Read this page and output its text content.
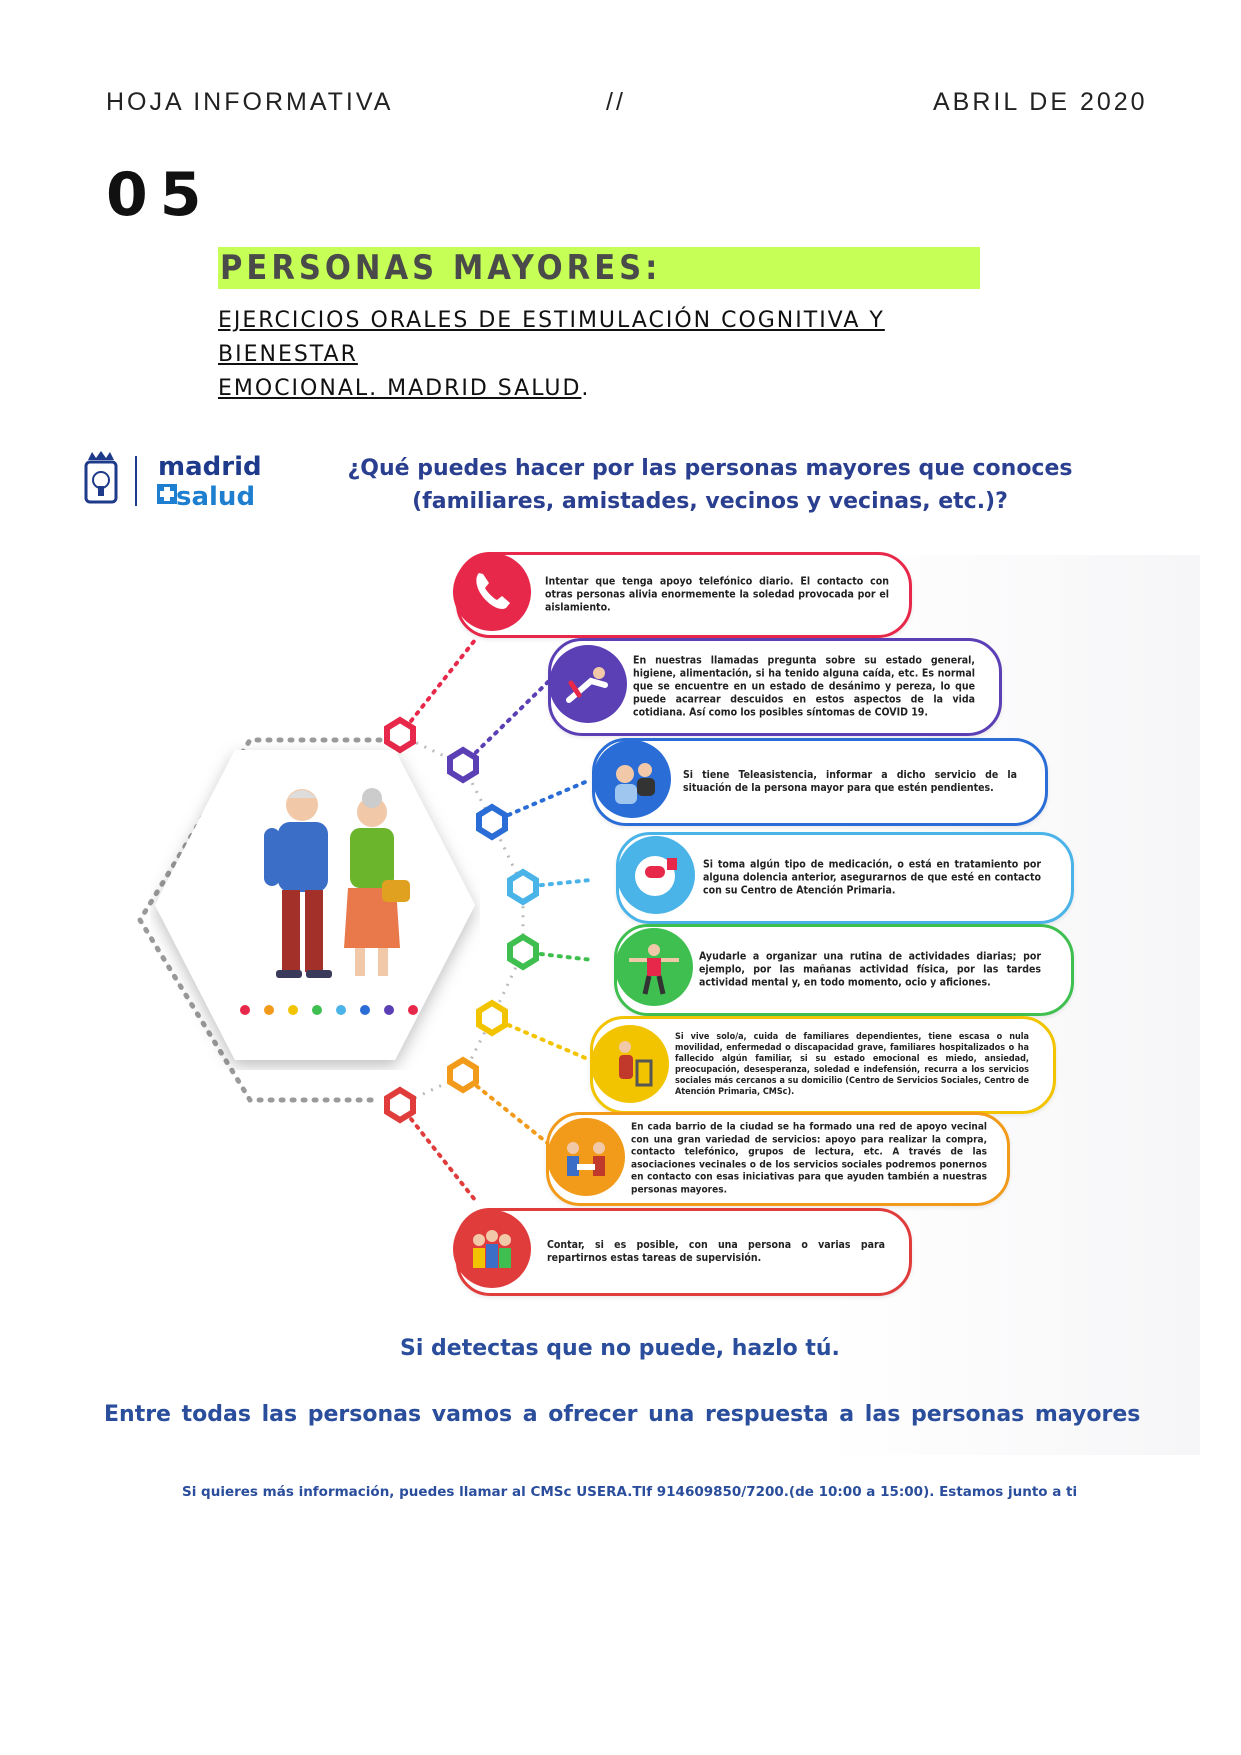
HOJA INFORMATIVA	//	ABRIL DE 2020
05
PERSONAS MAYORES:
EJERCICIOS ORALES DE ESTIMULACIÓN COGNITIVA Y BIENESTAR
EMOCIONAL. MADRID SALUD.
madrid
salud
¿Qué puedes hacer por las personas mayores que conoces
(familiares, amistades, vecinos y vecinas, etc.)?
Intentar que tenga apoyo telefónico diario. El contacto con otras personas alivia enormemente la soledad provocada por el aislamiento.
En nuestras llamadas pregunta sobre su estado general, higiene, alimentación, si ha tenido alguna caída, etc. Es normal que se encuentre en un estado de desánimo y pereza, lo que puede acarrear descuidos en estos aspectos de la vida cotidiana. Así como los posibles síntomas de COVID 19.
Si tiene Teleasistencia, informar a dicho servicio de la situación de la persona mayor para que estén pendientes.
Si toma algún tipo de medicación, o está en tratamiento por alguna dolencia anterior, asegurarnos de que esté en contacto con su Centro de Atención Primaria.
Ayudarle a organizar una rutina de actividades diarias; por ejemplo, por las mañanas actividad física, por las tardes actividad mental y, en todo momento, ocio y aficiones.
Si vive solo/a, cuida de familiares dependientes, tiene escasa o nula movilidad, enfermedad o discapacidad grave, familiares hospitalizados o ha fallecido algún familiar, si su estado emocional es miedo, ansiedad, preocupación, desesperanza, soledad e indefensión, recurra a los servicios sociales más cercanos a su domicilio (Centro de Servicios Sociales, Centro de Atención Primaria, CMSc).
En cada barrio de la ciudad se ha formado una red de apoyo vecinal con una gran variedad de servicios: apoyo para realizar la compra, contacto telefónico, grupos de lectura, etc. A través de las asociaciones vecinales o de los servicios sociales podremos ponernos en contacto con esas iniciativas para que ayuden también a nuestras personas mayores.
Contar, si es posible, con una persona o varias para repartirnos estas tareas de supervisión.
Si detectas que no puede, hazlo tú.
Entre todas las personas vamos a ofrecer una respuesta a las personas mayores
Si quieres más información, puedes llamar al CMSc USERA.Tlf 914609850/7200.(de 10:00 a 15:00). Estamos junto a ti
